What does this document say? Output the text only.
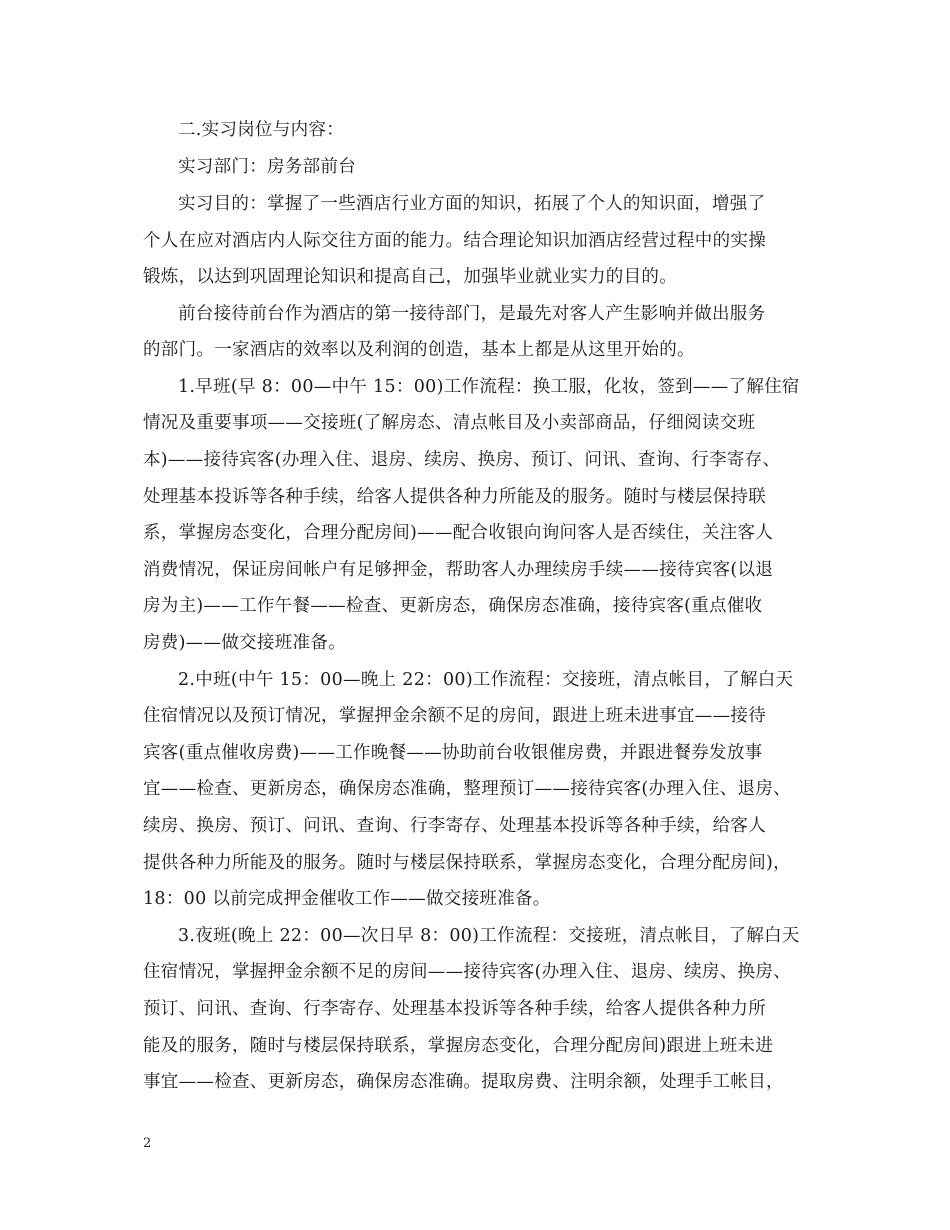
二.实习岗位与内容：
实习部门：房务部前台
实习目的：掌握了一些酒店行业方面的知识，拓展了个人的知识面，增强了
个人在应对酒店内人际交往方面的能力。结合理论知识加酒店经营过程中的实操
锻炼，以达到巩固理论知识和提高自己，加强毕业就业实力的目的。
前台接待前台作为酒店的第一接待部门，是最先对客人产生影响并做出服务
的部门。一家酒店的效率以及利润的创造，基本上都是从这里开始的。
1.早班(早 8：00—中午 15：00)工作流程：换工服，化妆，签到——了解住宿
情况及重要事项——交接班(了解房态、清点帐目及小卖部商品，仔细阅读交班
本)——接待宾客(办理入住、退房、续房、换房、预订、问讯、查询、行李寄存、
处理基本投诉等各种手续，给客人提供各种力所能及的服务。随时与楼层保持联
系，掌握房态变化，合理分配房间)——配合收银向询问客人是否续住，关注客人
消费情况，保证房间帐户有足够押金，帮助客人办理续房手续——接待宾客(以退
房为主)——工作午餐——检查、更新房态，确保房态准确，接待宾客(重点催收
房费)——做交接班准备。
2.中班(中午 15：00—晚上 22：00)工作流程：交接班，清点帐目，了解白天
住宿情况以及预订情况，掌握押金余额不足的房间，跟进上班未进事宜——接待
宾客(重点催收房费)——工作晚餐——协助前台收银催房费，并跟进餐券发放事
宜——检查、更新房态，确保房态准确，整理预订——接待宾客(办理入住、退房、
续房、换房、预订、问讯、查询、行李寄存、处理基本投诉等各种手续，给客人
提供各种力所能及的服务。随时与楼层保持联系，掌握房态变化，合理分配房间)，
18：00 以前完成押金催收工作——做交接班准备。
3.夜班(晚上 22：00—次日早 8：00)工作流程：交接班，清点帐目，了解白天
住宿情况，掌握押金余额不足的房间——接待宾客(办理入住、退房、续房、换房、
预订、问讯、查询、行李寄存、处理基本投诉等各种手续，给客人提供各种力所
能及的服务，随时与楼层保持联系，掌握房态变化，合理分配房间)跟进上班未进
事宜——检查、更新房态，确保房态准确。提取房费、注明余额，处理手工帐目，
2
